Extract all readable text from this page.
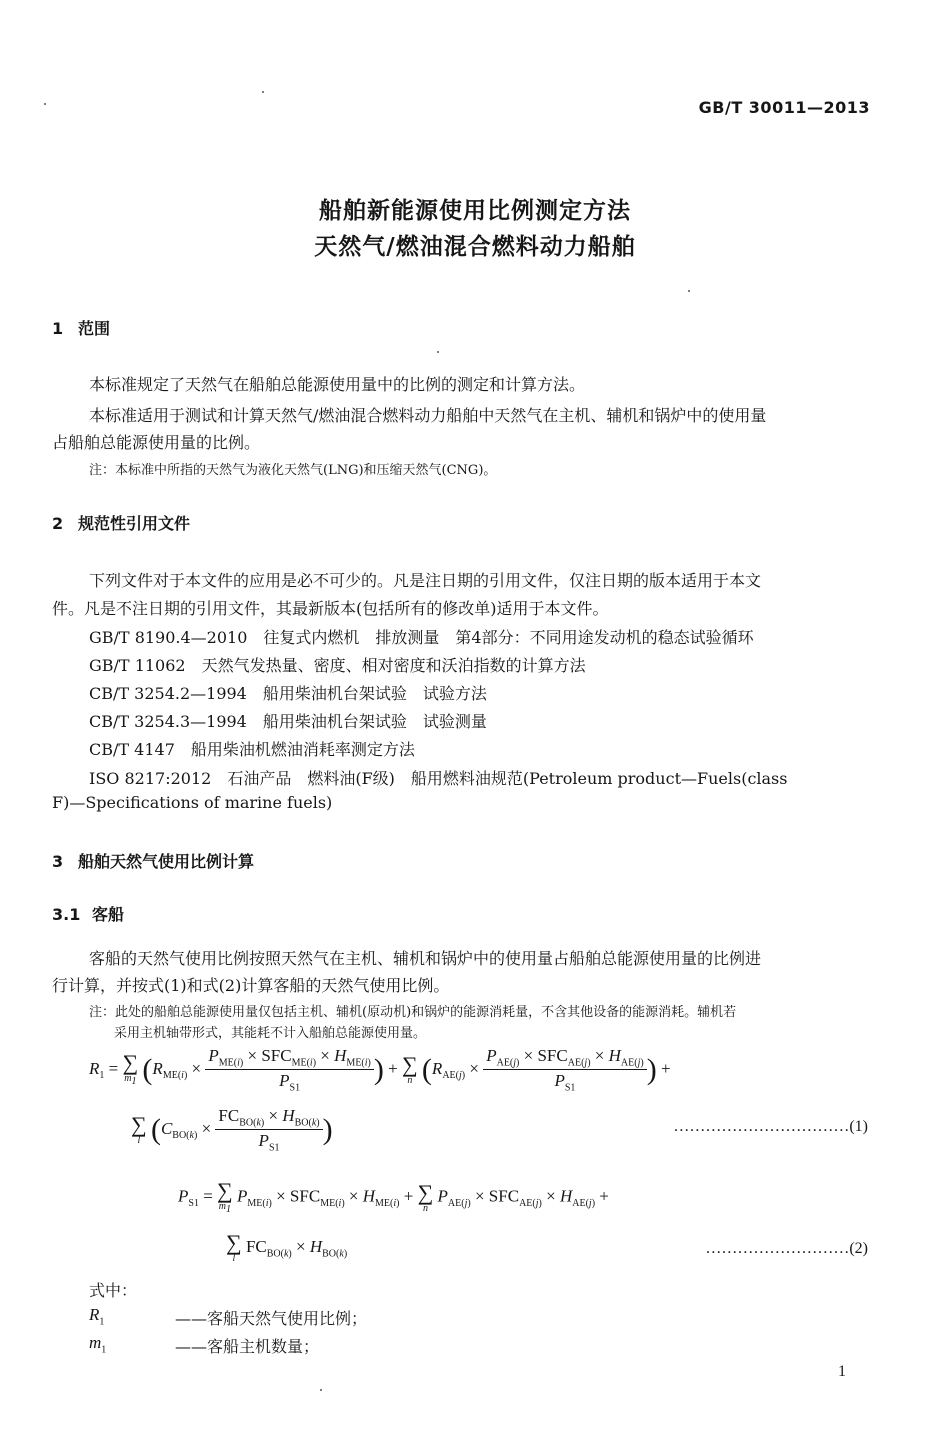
GB/T 30011—2013
船舶新能源使用比例测定方法
天然气/燃油混合燃料动力船舶
1 范围
本标准规定了天然气在船舶总能源使用量中的比例的测定和计算方法。
本标准适用于测试和计算天然气/燃油混合燃料动力船舶中天然气在主机、辅机和锅炉中的使用量
占船舶总能源使用量的比例。
注：本标准中所指的天然气为液化天然气(LNG)和压缩天然气(CNG)。
2 规范性引用文件
下列文件对于本文件的应用是必不可少的。凡是注日期的引用文件，仅注日期的版本适用于本文
件。凡是不注日期的引用文件，其最新版本(包括所有的修改单)适用于本文件。
GB/T 8190.4—2010　 往复式内燃机　排放测量　第4部分：不同用途发动机的稳态试验循环
GB/T 11062　 天然气发热量、密度、相对密度和沃泊指数的计算方法
CB/T 3254.2—1994　 船用柴油机台架试验　试验方法
CB/T 3254.3—1994　 船用柴油机台架试验　试验测量
CB/T 4147　 船用柴油机燃油消耗率测定方法
ISO 8217:2012　 石油产品　燃料油(F级)　船用燃料油规范(Petroleum product—Fuels(class
F)—Specifications of marine fuels)
3 船舶天然气使用比例计算
3.1 客船
客船的天然气使用比例按照天然气在主机、辅机和锅炉中的使用量占船舶总能源使用量的比例进
行计算，并按式(1)和式(2)计算客船的天然气使用比例。
注：此处的船舶总能源使用量仅包括主机、辅机(原动机)和锅炉的能源消耗量，不含其他设备的能源消耗。辅机若
采用主机轴带形式，其能耗不计入船舶总能源使用量。
$R_1$ = ∑
$m_1$ ($R_{ME(i)} \times \frac{P_{ME(i)} \times SFC_{ME(i)} \times H_{ME(i)}}{P_{S1}}$ ) + ∑
n ($R_{AE(j)} \times \frac{P_{AE(j)} \times SFC_{AE(j)} \times H_{AE(j)}}{P_{S1}}$ ) +
∑
l ($C_{BO(k)} \times \frac{FC_{BO(k)} \times H_{BO(k)}}{P_{S1}}$ )	……………………………(1)
$P_{S1}$ = ∑
$m_1$
$P_{ME(i)} \times SFC_{ME(i)} \times H_{ME(i)}$ + ∑
n
$P_{AE(j)} \times SFC_{AE(j)} \times H_{AE(j)}$ +
∑
l
$FC_{BO(k)} \times H_{BO(k)}$	………………………(2)
式中：
$R_1$	——客船天然气使用比例；
$m_1$	——客船主机数量；
1
